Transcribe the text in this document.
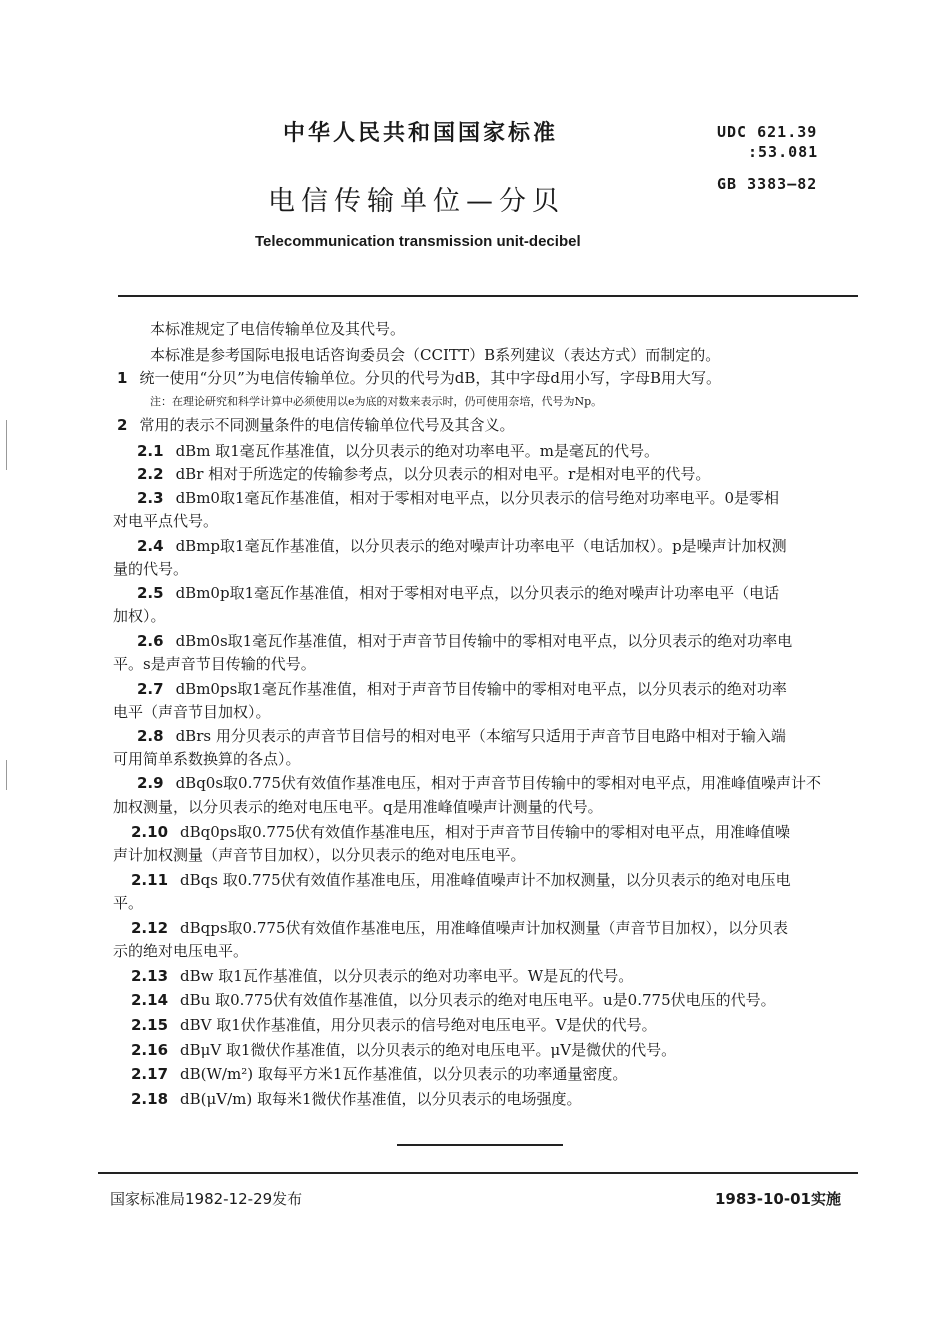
中华人民共和国国家标准	UDC 621.39
:53.081
电信传输单位—分贝
GB 3383—82
Telecommunication transmission unit-decibel
本标准规定了电信传输单位及其代号。
本标准是参考国际电报电话咨询委员会（CCITT）B系列建议（表达方式）而制定的。
1 统一使用“分贝”为电信传输单位。分贝的代号为dB，其中字母d用小写，字母B用大写。
注：在理论研究和科学计算中必须使用以e为底的对数来表示时，仍可使用奈培，代号为Np。
2 常用的表示不同测量条件的电信传输单位代号及其含义。
2.1 dBm 取1毫瓦作基准值，以分贝表示的绝对功率电平。m是毫瓦的代号。
2.2 dBr 相对于所选定的传输参考点，以分贝表示的相对电平。r是相对电平的代号。
2.3 dBm0取1毫瓦作基准值，相对于零相对电平点，以分贝表示的信号绝对功率电平。0是零相
对电平点代号。
2.4 dBmp取1毫瓦作基准值，以分贝表示的绝对噪声计功率电平（电话加权）。p是噪声计加权测
量的代号。
2.5 dBm0p取1毫瓦作基准值，相对于零相对电平点，以分贝表示的绝对噪声计功率电平（电话
加权）。
2.6 dBm0s取1毫瓦作基准值，相对于声音节目传输中的零相对电平点，以分贝表示的绝对功率电
平。s是声音节目传输的代号。
2.7 dBm0ps取1毫瓦作基准值，相对于声音节目传输中的零相对电平点，以分贝表示的绝对功率
电平（声音节目加权）。
2.8 dBrs 用分贝表示的声音节目信号的相对电平（本缩写只适用于声音节目电路中相对于输入端
可用简单系数换算的各点）。
2.9 dBq0s取0.775伏有效值作基准电压，相对于声音节目传输中的零相对电平点，用准峰值噪声计不
加权测量，以分贝表示的绝对电压电平。q是用准峰值噪声计测量的代号。
2.10 dBq0ps取0.775伏有效值作基准电压，相对于声音节目传输中的零相对电平点，用准峰值噪
声计加权测量（声音节目加权），以分贝表示的绝对电压电平。
2.11 dBqs 取0.775伏有效值作基准电压，用准峰值噪声计不加权测量，以分贝表示的绝对电压电
平。
2.12 dBqps取0.775伏有效值作基准电压，用准峰值噪声计加权测量（声音节目加权），以分贝表
示的绝对电压电平。
2.13 dBw 取1瓦作基准值，以分贝表示的绝对功率电平。W是瓦的代号。
2.14 dBu 取0.775伏有效值作基准值，以分贝表示的绝对电压电平。u是0.775伏电压的代号。
2.15 dBV 取1伏作基准值，用分贝表示的信号绝对电压电平。V是伏的代号。
2.16 dBμV 取1微伏作基准值，以分贝表示的绝对电压电平。μV是微伏的代号。
2.17 dB(W/m²) 取每平方米1瓦作基准值，以分贝表示的功率通量密度。
2.18 dB(μV/m) 取每米1微伏作基准值，以分贝表示的电场强度。
国家标准局1982-12-29发布	1983-10-01实施
